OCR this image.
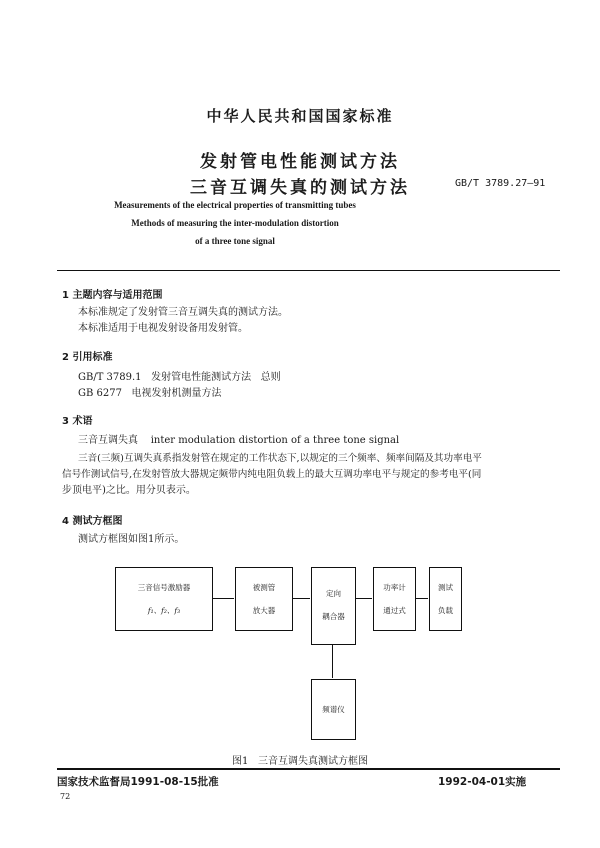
中华人民共和国国家标准
发射管电性能测试方法
三音互调失真的测试方法	GB/T 3789.27—91
Measurements of the electrical properties of transmitting tubes
Methods of measuring the inter-modulation distortion
of a three tone signal
1 主题内容与适用范围
本标准规定了发射管三音互调失真的测试方法。
本标准适用于电视发射设备用发射管。
2 引用标准
GB/T 3789.1   发射管电性能测试方法   总则
GB 6277   电视发射机测量方法
3 术语
三音互调失真    inter modulation distortion of a three tone signal
三音(三频)互调失真系指发射管在规定的工作状态下,以规定的三个频率、频率间隔及其功率电平
信号作测试信号,在发射管放大器规定频带内纯电阻负载上的最大互调功率电平与规定的参考电平(同
步顶电平)之比。用分贝表示。
4 测试方框图
测试方框图如图1所示。
三音信号激励器
f₁、f₂、f₃
被测管
放大器
定向
耦合器
功率计
通过式
测试
负载
频谱仪
图1   三音互调失真测试方框图
国家技术监督局1991-08-15批准	1992-04-01实施
72
